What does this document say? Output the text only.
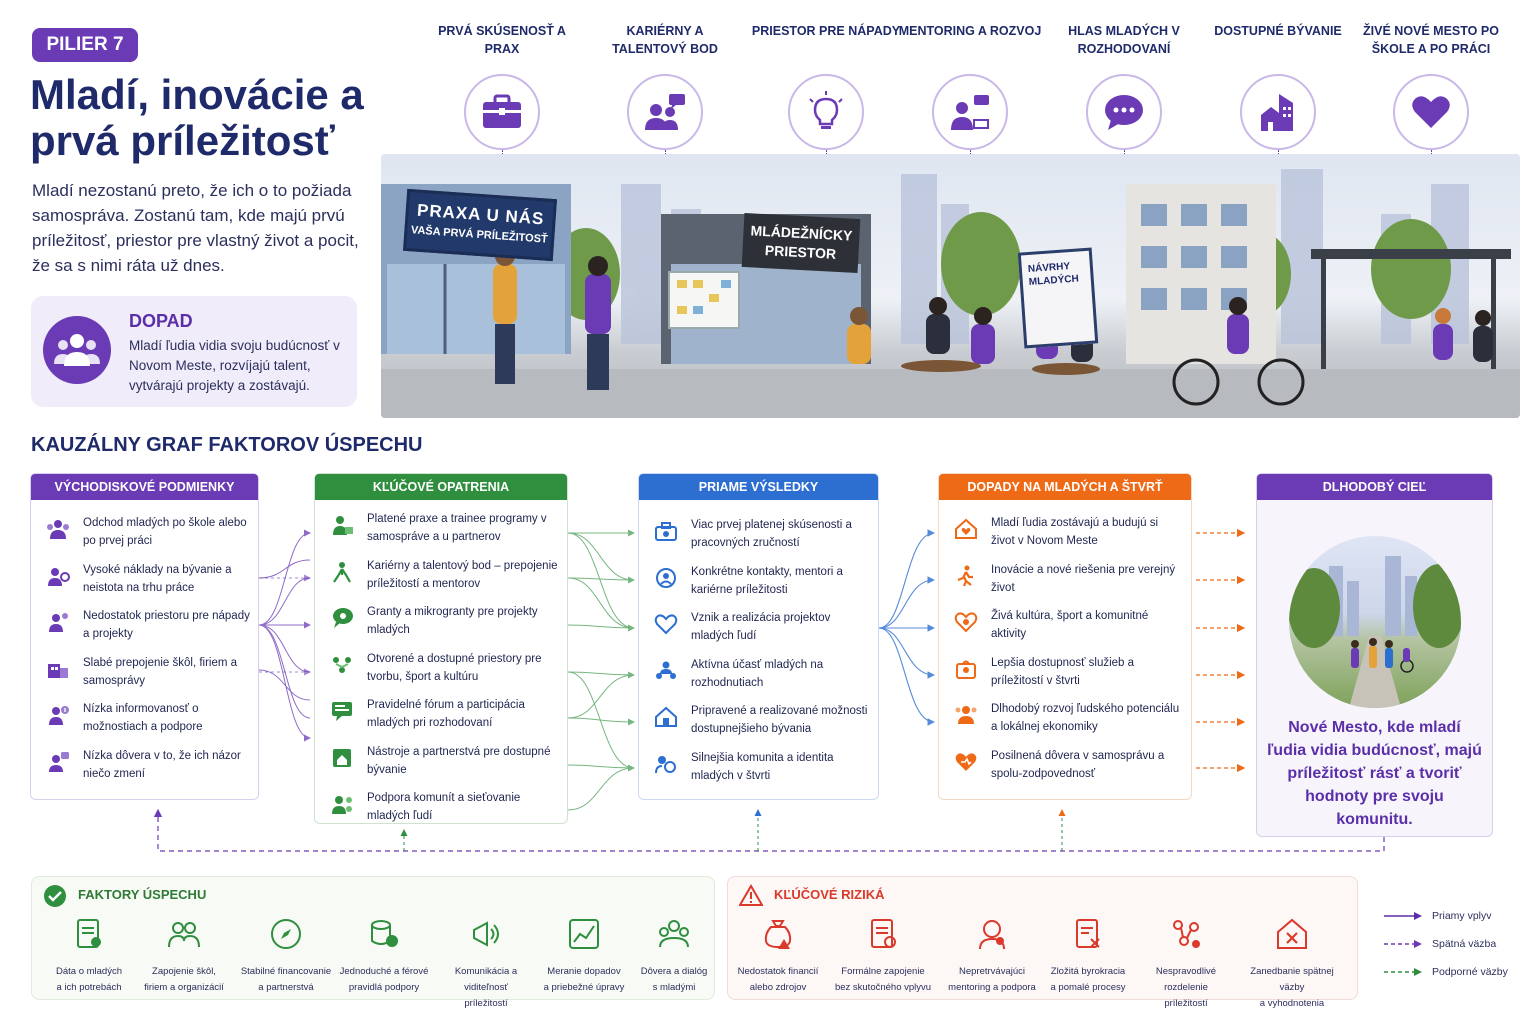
PILIER 7
Mladí, inovácie a prvá príležitosť

Mladí nezostanú preto, že ich o to požiada samospráva. Zostanú tam, kde majú prvú príležitosť, priestor pre vlastný život a pocit, že sa s nimi ráta už dnes.

DOPAD
Mladí ľudia vidia svoju budúcnosť v Novom Meste, rozvíjajú talent, vytvárajú projekty a zostávajú.
PRVÁ SKÚSENOSŤ A PRAX
KARIÉRNY A TALENTOVÝ BOD
PRIESTOR PRE NÁPADY
MENTORING A ROZVOJ	HLAS MLADÝCH V ROZHODOVANÍ
DOSTUPNÉ BÝVANIE	ŽIVÉ NOVÉ MESTO PO ŠKOLE A PO PRÁCI
PRAXA U NÁS
VAŠA PRVÁ PRÍLEŽITOSŤ	MLÁDEŽNÍCKY PRIESTOR
NÁVRHY MLADÝCH
KAUZÁLNY GRAF FAKTOROV ÚSPECHU
VÝCHODISKOVÉ PODMIENKY
Odchod mladých po škole alebo po prvej práci
Vysoké náklady na bývanie a neistota na trhu práce
Nedostatok priestoru pre nápady a projekty
Slabé prepojenie škôl, firiem a samosprávy
Nízka informovanosť o možnostiach a podpore
Nízka dôvera v to, že ich názor niečo zmení
KĽÚČOVÉ OPATRENIA
Platené praxe a trainee programy v samospráve a u partnerov
Kariérny a talentový bod – prepojenie príležitostí a mentorov
Granty a mikrogranty pre projekty mladých
Otvorené a dostupné priestory pre tvorbu, šport a kultúru
Pravidelné fórum a participácia mladých pri rozhodovaní
Nástroje a partnerstvá pre dostupné bývanie
Podpora komunít a sieťovanie mladých ľudí
PRIAME VÝSLEDKY
Viac prvej platenej skúsenosti a pracovných zručností
Konkrétne kontakty, mentori a kariérne príležitosti
Vznik a realizácia projektov mladých ľudí
Aktívna účasť mladých na rozhodnutiach
Pripravené a realizované možnosti dostupnejšieho bývania
Silnejšia komunita a identita mladých v štvrti
DOPADY NA MLADÝCH A ŠTVRŤ
Mladí ľudia zostávajú a budujú si život v Novom Meste
Inovácie a nové riešenia pre verejný život
Živá kultúra, šport a komunitné aktivity
Lepšia dostupnosť služieb a príležitostí v štvrti
Dlhodobý rozvoj ľudského potenciálu a lokálnej ekonomiky
Posilnená dôvera v samosprávu a spolu-zodpovednosť
DLHODOBÝ CIEĽ
Nové Mesto, kde mladí ľudia vidia budúcnosť, majú príležitosť rásť a tvoriť hodnoty pre svoju komunitu.
FAKTORY ÚSPECHU
Dáta o mladých
a ich potrebách
Zapojenie škôl,
firiem a organizácií
Stabilné financovanie
a partnerstvá
Jednoduché a férové
pravidlá podpory
Komunikácia a viditeľnosť
príležitostí
Meranie dopadov
a priebežné úpravy
Dôvera a dialóg
s mladými
KĽÚČOVÉ RIZIKÁ
Nedostatok financií
alebo zdrojov
Formálne zapojenie
bez skutočného vplyvu
Nepretrvávajúci
mentoring a podpora
Zložitá byrokracia
a pomalé procesy
Nespravodlivé rozdelenie
príležitostí
Zanedbanie spätnej väzby
a vyhodnotenia
Priamy vplyv
Spätná väzba
Podporné väzby
